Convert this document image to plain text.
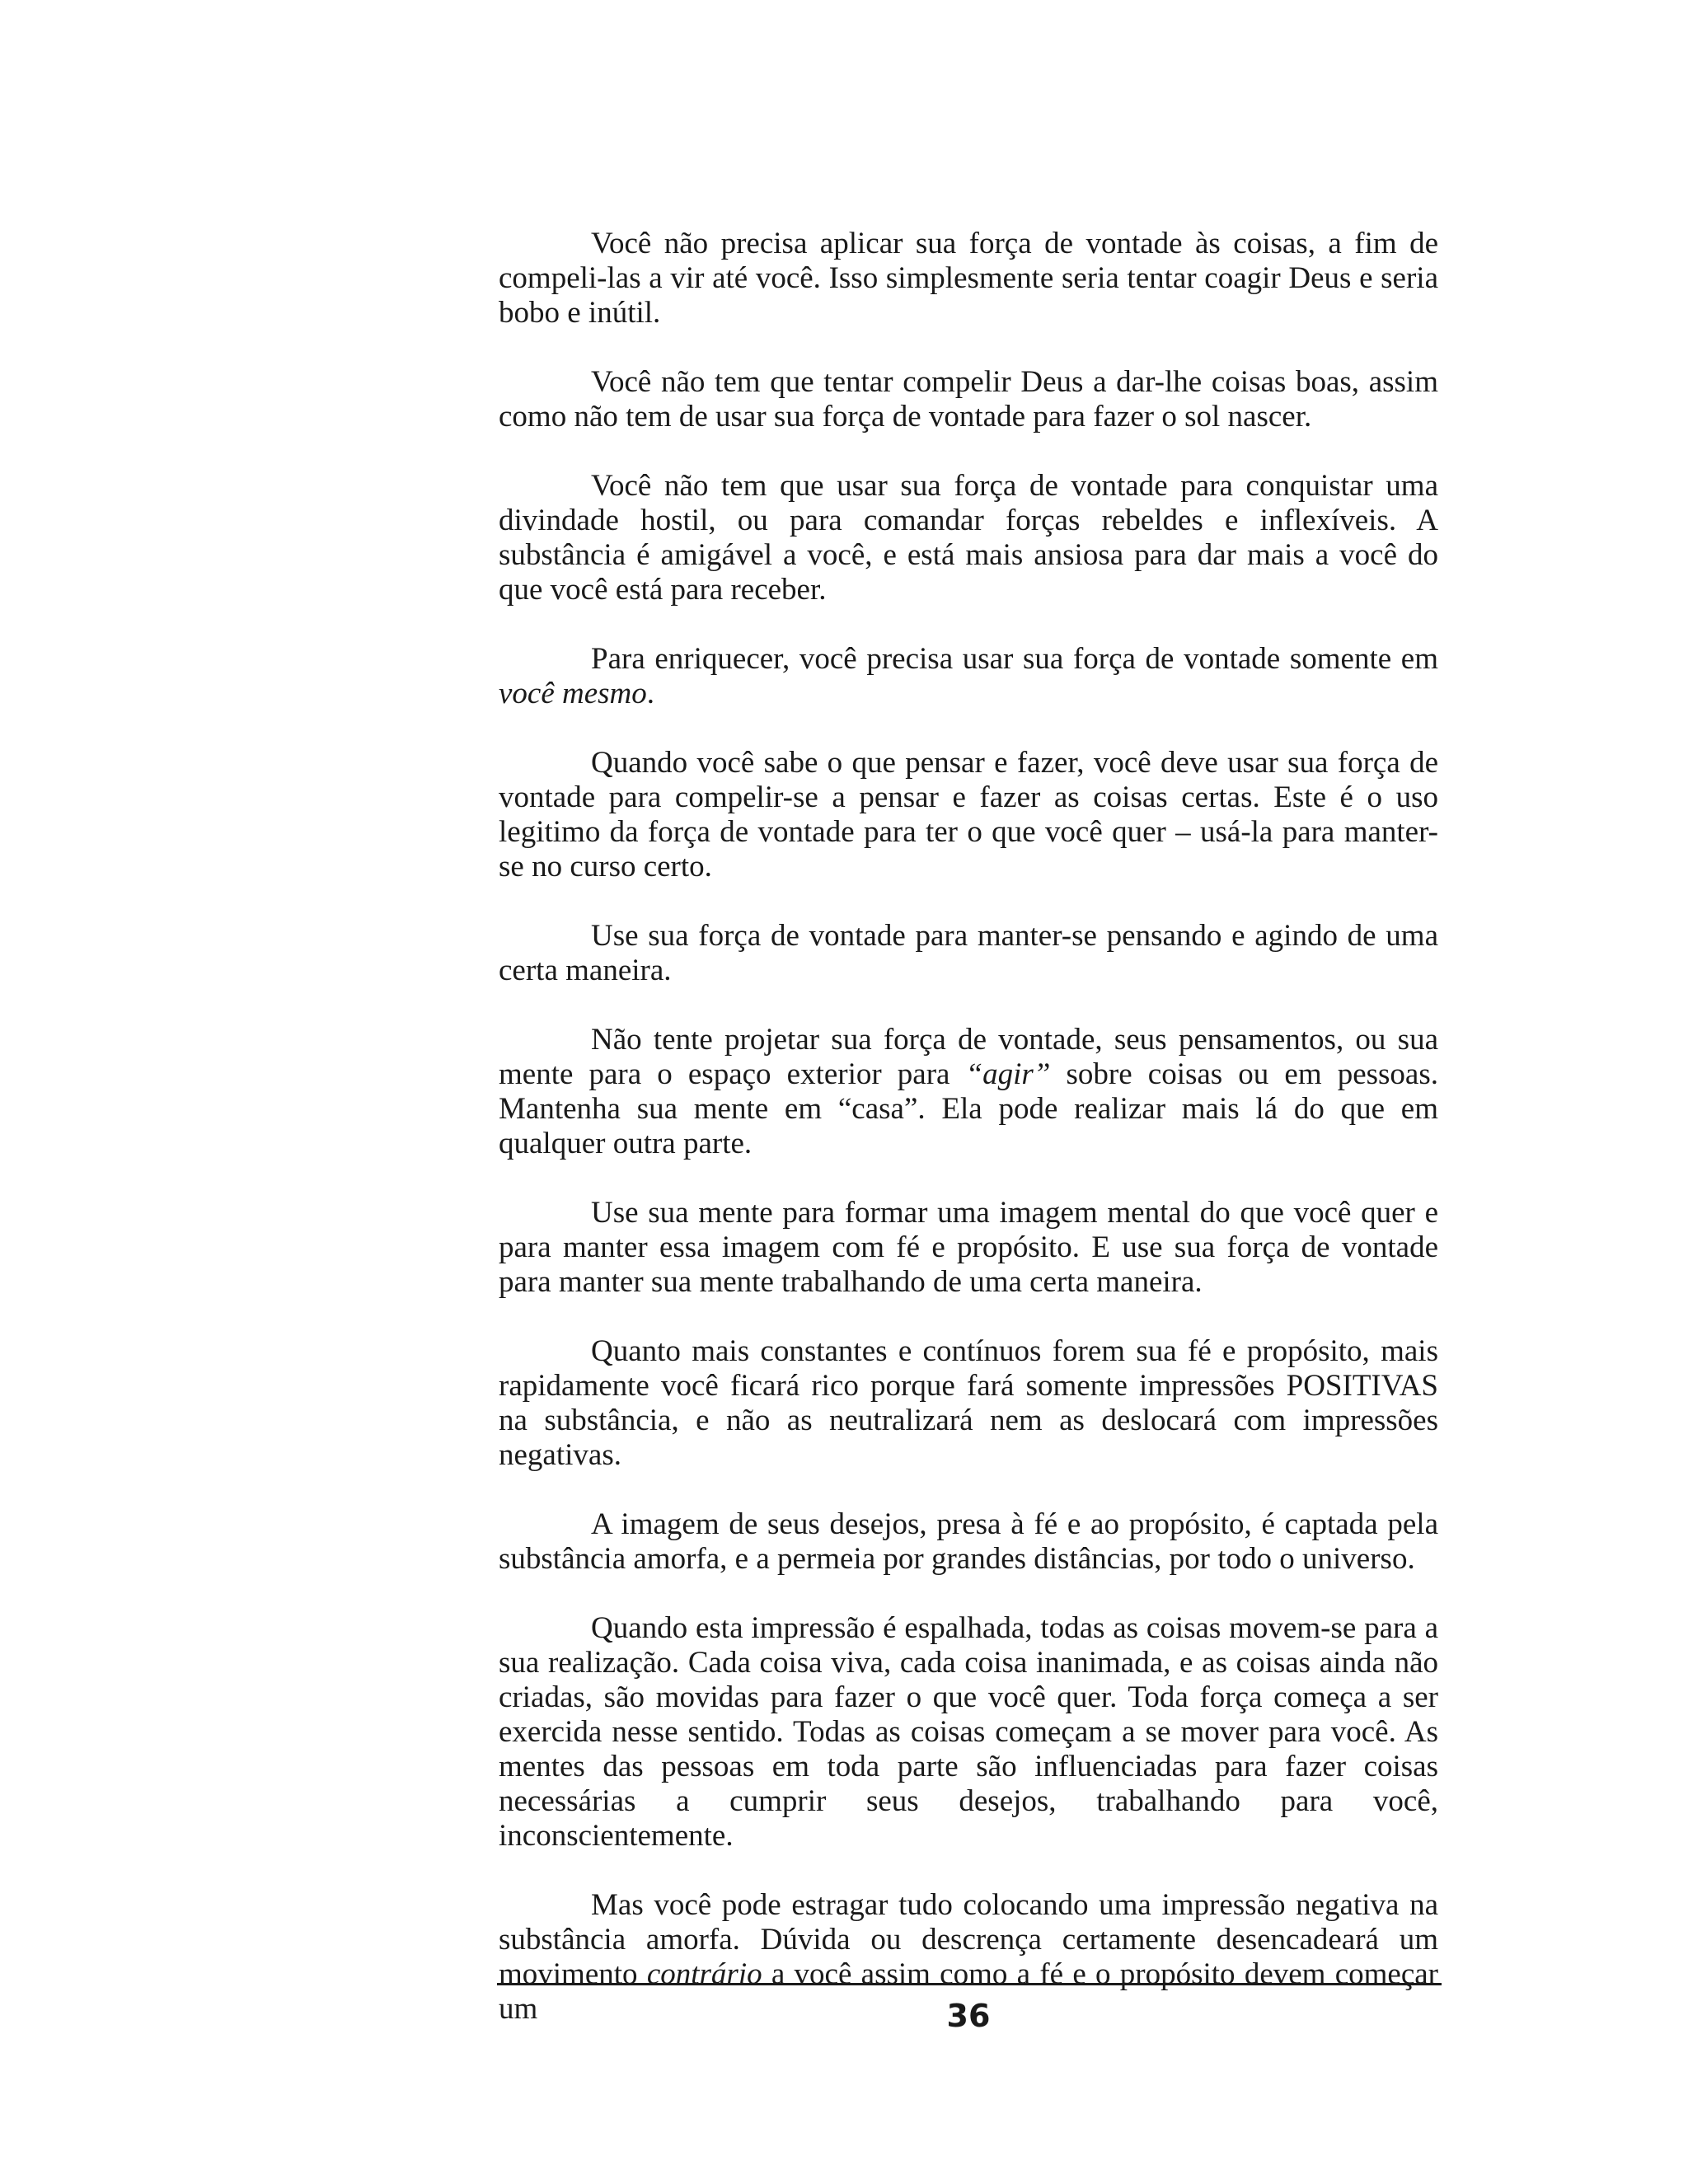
Você não precisa aplicar sua força de vontade às coisas, a fim de compeli-las a vir até você. Isso simplesmente seria tentar coagir Deus e seria bobo e inútil.

Você não tem que tentar compelir Deus a dar-lhe coisas boas, assim como não tem de usar sua força de vontade para fazer o sol nascer.

Você não tem que usar sua força de vontade para conquistar uma divindade hostil, ou para comandar forças rebeldes e inflexíveis. A substância é amigável a você, e está mais ansiosa para dar mais a você do que você está para receber.

Para enriquecer, você precisa usar sua força de vontade somente em você mesmo.

Quando você sabe o que pensar e fazer, você deve usar sua força de vontade para compelir-se a pensar e fazer as coisas certas. Este é o uso legitimo da força de vontade para ter o que você quer – usá-la para manter-se no curso certo.

Use sua força de vontade para manter-se pensando e agindo de uma certa maneira.

Não tente projetar sua força de vontade, seus pensamentos, ou sua mente para o espaço exterior para “agir” sobre coisas ou em pessoas. Mantenha sua mente em “casa”. Ela pode realizar mais lá do que em qualquer outra parte.

Use sua mente para formar uma imagem mental do que você quer e para manter essa imagem com fé e propósito. E use sua força de vontade para manter sua mente trabalhando de uma certa maneira.

Quanto mais constantes e contínuos forem sua fé e propósito, mais rapidamente você ficará rico porque fará somente impressões POSITIVAS na substância, e não as neutralizará nem as deslocará com impressões negativas.

A imagem de seus desejos, presa à fé e ao propósito, é captada pela substância amorfa, e a permeia por grandes distâncias, por todo o universo.

Quando esta impressão é espalhada, todas as coisas movem-se para a sua realização. Cada coisa viva, cada coisa inanimada, e as coisas ainda não criadas, são movidas para fazer o que você quer. Toda força começa a ser exercida nesse sentido. Todas as coisas começam a se mover para você. As mentes das pessoas em toda parte são influenciadas para fazer coisas necessárias a cumprir seus desejos, trabalhando para você, inconscientemente.

Mas você pode estragar tudo colocando uma impressão negativa na substância amorfa. Dúvida ou descrença certamente desencadeará um movimento contrário a você assim como a fé e o propósito devem começar um	36
